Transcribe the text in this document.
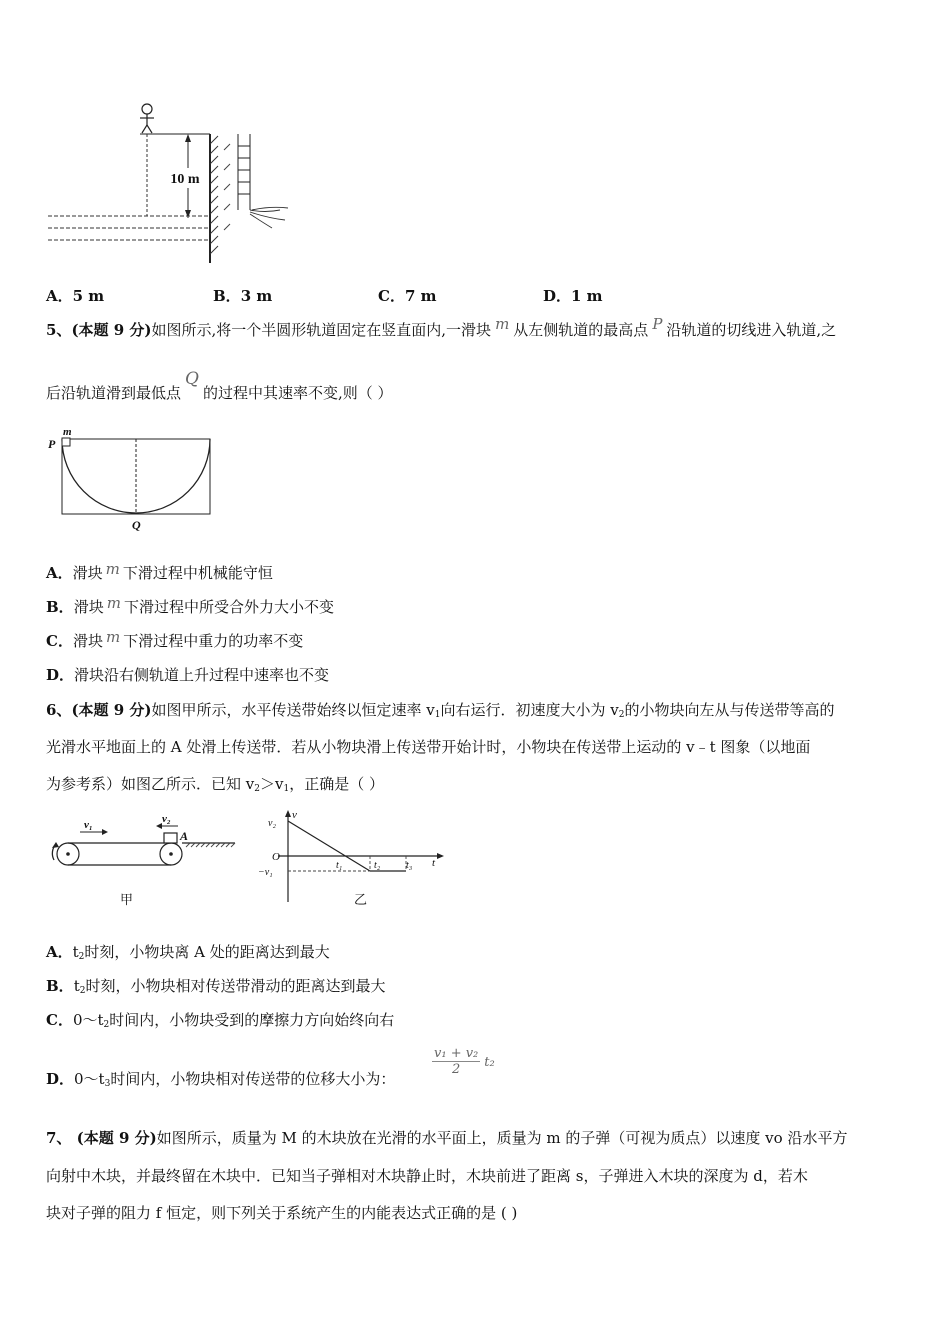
10 m
A．5 m	B．3 m	C．7 m	D．1 m
5、(本题 9 分)如图所示,将一个半圆形轨道固定在竖直面内,一滑块 m 从左侧轨道的最高点 P 沿轨道的切线进入轨道,之
后沿轨道滑到最低点Q的过程中其速率不变,则（ ）
P
m
Q
A．滑块 m 下滑过程中机械能守恒
B．滑块 m 下滑过程中所受合外力大小不变
C．滑块 m 下滑过程中重力的功率不变
D．滑块沿右侧轨道上升过程中速率也不变
6、(本题 9 分)如图甲所示，水平传送带始终以恒定速率 $v_1$向右运行．初速度大小为 $v_2$的小物块向左从与传送带等高的
光滑水平地面上的 A 处滑上传送带．若从小物块滑上传送带开始计时，小物块在传送带上运动的 v﹣t 图象（以地面
为参考系）如图乙所示．已知 $v_2>v_1$，正确是（ ）
v₁	v₂
A
甲
v
v₂
O
−v₁
t₁	t₂	t₃ t
乙
A．$t_2$时刻，小物块离 A 处的距离达到最大
B．$t_2$时刻，小物块相对传送带滑动的距离达到最大
C．$0\sim t_2$时间内，小物块受到的摩擦力方向始终向右
D．$0\sim t_3$时间内，小物块相对传送带的位移大小为：
$\frac{\text{v₁ + v₂}}{2} t_2$
7、 (本题 9 分)如图所示，质量为 M 的木块放在光滑的水平面上，质量为 m 的子弹（可视为质点）以速度 vo 沿水平方
向射中木块，并最终留在木块中．已知当子弹相对木块静止时，木块前进了距离 s，子弹进入木块的深度为 d，若木
块对子弹的阻力 f 恒定，则下列关于系统产生的内能表达式正确的是 ( )
